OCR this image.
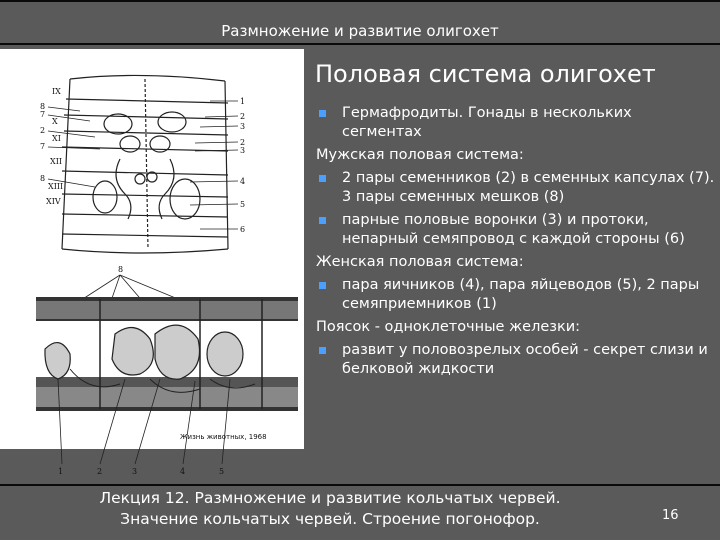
Размножение и развитие олигохет
IX
X
XI
XII
XIII
XIV
8
7
2
7
8
1
2
3
2
3
4
5
6
8
1	2	3	4	5
Жизнь животных, 1968
Половая система олигохет
Гермафродиты. Гонады в нескольких сегментах
Мужская половая система:
2 пары семенников (2) в семенных капсулах (7). 3 пары семенных мешков (8)
парные половые воронки (3) и протоки, непарный семяпровод с каждой стороны (6)
Женская половая система:
пара яичников (4), пара яйцеводов (5), 2 пары семяприемников (1)
Поясок - одноклеточные железки:
развит у половозрелых особей - секрет слизи и белковой жидкости
Лекция 12. Размножение и развитие кольчатых червей.
Значение кольчатых червей. Строение погонофор.	16
